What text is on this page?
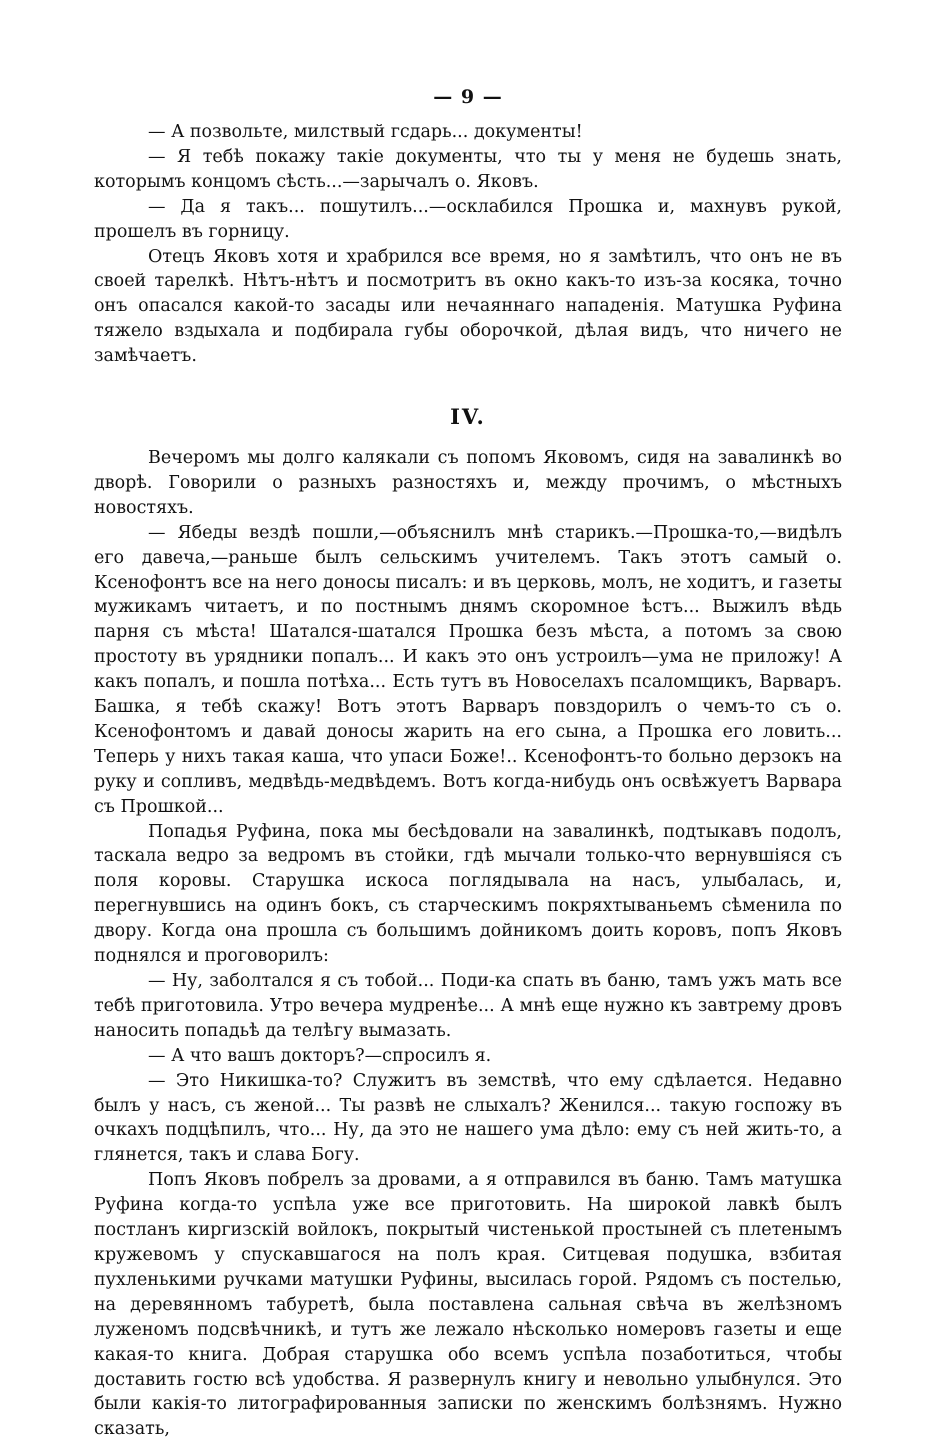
— 9 —

— А позвольте, милствый гсдарь... документы!

— Я тебѣ покажу такіе документы, что ты у меня не будешь знать, которымъ концомъ сѣсть...—зарычалъ о. Яковъ.

— Да я такъ... пошутилъ...—осклабился Прошка и, махнувъ рукой, прошелъ въ горницу.

Отецъ Яковъ хотя и храбрился все время, но я замѣтилъ, что онъ не въ своей тарелкѣ. Нѣтъ-нѣтъ и посмотритъ въ окно какъ-то изъ-за косяка, точно онъ опасался какой-то засады или нечаяннаго нападенія. Матушка Руфина тяжело вздыхала и подбирала губы оборочкой, дѣлая видъ, что ничего не замѣчаетъ.

IV.

Вечеромъ мы долго калякали съ попомъ Яковомъ, сидя на завалинкѣ во дворѣ. Говорили о разныхъ разностяхъ и, между прочимъ, о мѣстныхъ новостяхъ.

— Ябеды вездѣ пошли,—объяснилъ мнѣ старикъ.—Прошка-то,—видѣлъ его давеча,—раньше былъ сельскимъ учителемъ. Такъ этотъ самый о. Ксенофонтъ все на него доносы писалъ: и въ церковь, молъ, не ходитъ, и газеты мужикамъ читаетъ, и по постнымъ днямъ скоромное ѣстъ... Выжилъ вѣдь парня съ мѣста! Шатался-шатался Прошка безъ мѣста, а потомъ за свою простоту въ урядники попалъ... И какъ это онъ устроилъ—ума не приложу! А какъ попалъ, и пошла потѣха... Есть тутъ въ Новоселахъ псаломщикъ, Варваръ. Башка, я тебѣ скажу! Вотъ этотъ Варваръ повздорилъ о чемъ-то съ о. Ксенофонтомъ и давай доносы жарить на его сына, а Прошка его ловить... Теперь у нихъ такая каша, что упаси Боже!.. Ксенофонтъ-то больно дерзокъ на руку и сопливъ, медвѣдь-медвѣдемъ. Вотъ когда-нибудь онъ освѣжуетъ Варвара съ Прошкой...

Попадья Руфина, пока мы бесѣдовали на завалинкѣ, подтыкавъ подолъ, таскала ведро за ведромъ въ стойки, гдѣ мычали только-что вернувшіяся съ поля коровы. Старушка искоса поглядывала на насъ, улыбалась, и, перегнувшись на одинъ бокъ, съ старческимъ покряхтываньемъ сѣменила по двору. Когда она прошла съ большимъ дойникомъ доить коровъ, попъ Яковъ поднялся и проговорилъ:

— Ну, заболтался я съ тобой... Поди-ка спать въ баню, тамъ ужъ мать все тебѣ приготовила. Утро вечера мудренѣе... А мнѣ еще нужно къ завтрему дровъ наносить попадьѣ да телѣгу вымазать.

— А что вашъ докторъ?—спросилъ я.

— Это Никишка-то? Служитъ въ земствѣ, что ему сдѣлается. Недавно былъ у насъ, съ женой... Ты развѣ не слыхалъ? Женился... такую госпожу въ очкахъ подцѣпилъ, что... Ну, да это не нашего ума дѣло: ему съ ней жить-то, а глянется, такъ и слава Богу.

Попъ Яковъ побрелъ за дровами, а я отправился въ баню. Тамъ матушка Руфина когда-то успѣла уже все приготовить. На широкой лавкѣ былъ постланъ киргизскій войлокъ, покрытый чистенькой простыней съ плетенымъ кружевомъ у спускавшагося на полъ края. Ситцевая подушка, взбитая пухленькими ручками матушки Руфины, высилась горой. Рядомъ съ постелью, на деревянномъ табуретѣ, была поставлена сальная свѣча въ желѣзномъ луженомъ подсвѣчникѣ, и тутъ же лежало нѣсколько номеровъ газеты и еще какая-то книга. Добрая старушка обо всемъ успѣла позаботиться, чтобы доставить гостю всѣ удобства. Я развернулъ книгу и невольно улыбнулся. Это были какія-то литографированныя записки по женскимъ болѣзнямъ. Нужно сказать,
